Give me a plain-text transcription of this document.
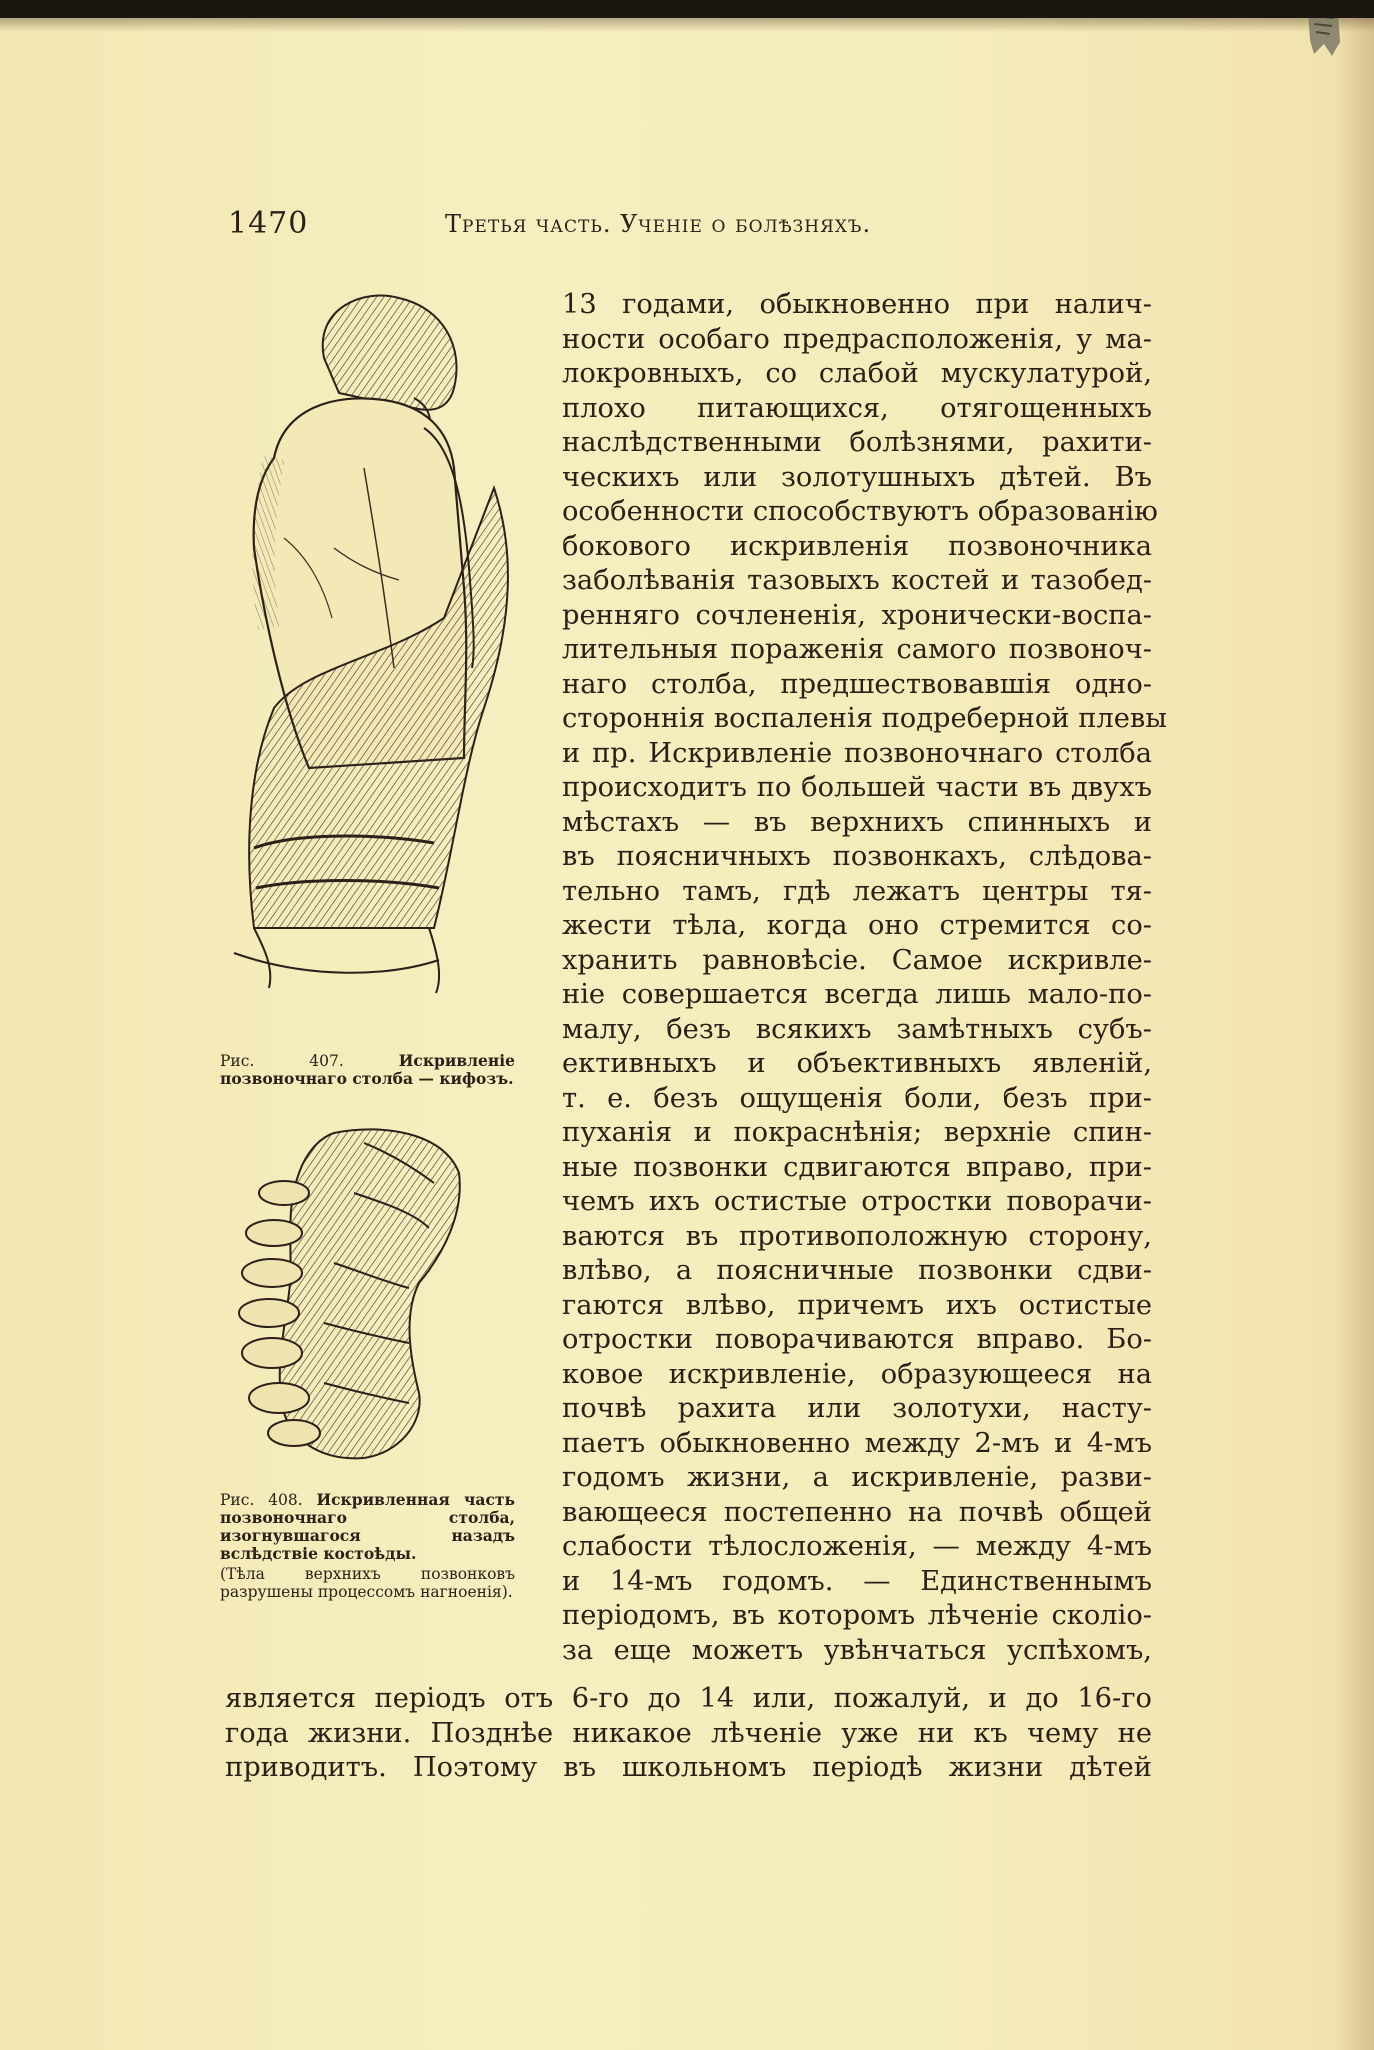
1470	Третья часть. Ученіе о болѣзняхъ.
Рис. 407. Искривленіе позвоночнаго столба — кифозъ.
Рис. 408. Искривленная часть позвоночнаго столба, изогнувшагося назадъ вслѣдствіе костоѣды.
(Тѣла верхнихъ позвонковъ разрушены процессомъ нагноенія).
13 годами, обыкновенно при налич-
ности особаго предрасположенія, у ма-
локровныхъ, со слабой мускулатурой,
плохо питающихся, отягощенныхъ
наслѣдственными болѣзнями, рахити-
ческихъ или золотушныхъ дѣтей. Въ
особенности способствуютъ образованію
бокового искривленія позвоночника
заболѣванія тазовыхъ костей и тазобед-
ренняго сочлененія, хронически-воспа-
лительныя пораженія самого позвоноч-
наго столба, предшествовавшія одно-
стороннія воспаленія подреберной плевы
и пр. Искривленіе позвоночнаго столба
происходитъ по большей части въ двухъ
мѣстахъ — въ верхнихъ спинныхъ и
въ поясничныхъ позвонкахъ, слѣдова-
тельно тамъ, гдѣ лежатъ центры тя-
жести тѣла, когда оно стремится со-
хранить равновѣсіе. Самое искривле-
ніе совершается всегда лишь мало-по-
малу, безъ всякихъ замѣтныхъ субъ-
ективныхъ и объективныхъ явленій,
т. е. безъ ощущенія боли, безъ при-
пуханія и покраснѣнія; верхніе спин-
ные позвонки сдвигаются вправо, при-
чемъ ихъ остистые отростки поворачи-
ваются въ противоположную сторону,
влѣво, а поясничные позвонки сдви-
гаются влѣво, причемъ ихъ остистые
отростки поворачиваются вправо. Бо-
ковое искривленіе, образующееся на
почвѣ рахита или золотухи, насту-
паетъ обыкновенно между 2-мъ и 4-мъ
годомъ жизни, а искривленіе, разви-
вающееся постепенно на почвѣ общей
слабости тѣлосложенія, — между 4-мъ
и 14-мъ годомъ. — Единственнымъ
періодомъ, въ которомъ лѣченіе сколіо-
за еще можетъ увѣнчаться успѣхомъ,
является періодъ отъ 6-го до 14 или, пожалуй, и до 16-го
года жизни. Позднѣе никакое лѣченіе уже ни къ чему не
приводитъ. Поэтому въ школьномъ періодѣ жизни дѣтей
